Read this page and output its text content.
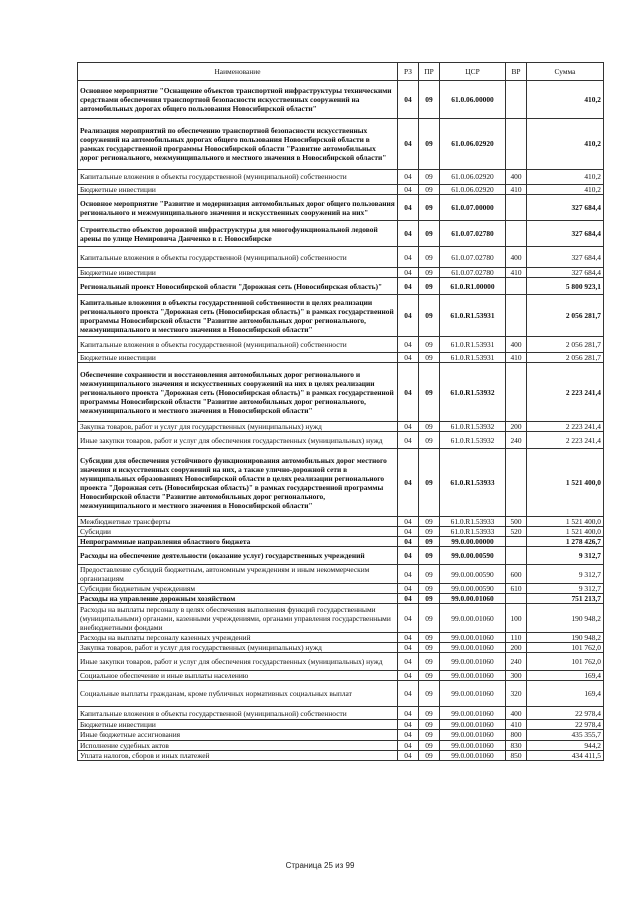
Наименование	РЗ	ПР	ЦСР	ВР	Сумма
Основное мероприятие "Оснащение объектов транспортной инфраструктуры техническими средствами обеспечения транспортной безопасности искусственных сооружений на автомобильных дорогах общего пользования Новосибирской области"	04	09	61.0.06.00000		410,2
Реализация мероприятий по обеспечению транспортной безопасности искусственных сооружений на автомобильных дорогах общего пользования Новосибирской области в рамках государственной программы Новосибирской области "Развитие автомобильных дорог регионального, межмуниципального и местного значения в Новосибирской области"	04	09	61.0.06.02920		410,2
Капитальные вложения в объекты государственной (муниципальной) собственности	04	09	61.0.06.02920	400	410,2
Бюджетные инвестиции	04	09	61.0.06.02920	410	410,2
Основное мероприятие "Развитие и модернизация автомобильных дорог общего пользования регионального и межмуниципального значения и искусственных сооружений на них"	04	09	61.0.07.00000		327 684,4
Строительство объектов дорожной инфраструктуры для многофункциональной ледовой арены по улице Немировича Данченко в г. Новосибирске	04	09	61.0.07.02780		327 684,4
Капитальные вложения в объекты государственной (муниципальной) собственности	04	09	61.0.07.02780	400	327 684,4
Бюджетные инвестиции	04	09	61.0.07.02780	410	327 684,4
Региональный проект Новосибирской области "Дорожная сеть (Новосибирская область)"	04	09	61.0.R1.00000		5 800 923,1
Капитальные вложения в объекты государственной собственности в целях реализации регионального проекта "Дорожная сеть (Новосибирская область)" в рамках государственной программы Новосибирской области "Развитие автомобильных дорог регионального, межмуниципального и местного значения в Новосибирской области"	04	09	61.0.R1.53931		2 056 281,7
Капитальные вложения в объекты государственной (муниципальной) собственности	04	09	61.0.R1.53931	400	2 056 281,7
Бюджетные инвестиции	04	09	61.0.R1.53931	410	2 056 281,7
Обеспечение сохранности и восстановления автомобильных дорог регионального и межмуниципального значения и искусственных сооружений на них в целях реализации регионального проекта "Дорожная сеть (Новосибирская область)" в рамках государственной программы Новосибирской области "Развитие автомобильных дорог регионального, межмуниципального и местного значения в Новосибирской области"	04	09	61.0.R1.53932		2 223 241,4
Закупка товаров, работ и услуг для государственных (муниципальных) нужд	04	09	61.0.R1.53932	200	2 223 241,4
Иные закупки товаров, работ и услуг для обеспечения государственных (муниципальных) нужд	04	09	61.0.R1.53932	240	2 223 241,4
Субсидии для обеспечения устойчивого функционирования автомобильных дорог местного значения и искусственных сооружений на них, а также улично-дорожной сети в муниципальных образованиях Новосибирской области в целях реализации регионального проекта "Дорожная сеть (Новосибирская область)" в рамках государственной программы Новосибирской области "Развитие автомобильных дорог регионального, межмуниципального и местного значения в Новосибирской области"	04	09	61.0.R1.53933		1 521 400,0
Межбюджетные трансферты	04	09	61.0.R1.53933	500	1 521 400,0
Субсидии	04	09	61.0.R1.53933	520	1 521 400,0
Непрограммные направления областного бюджета	04	09	99.0.00.00000		1 278 426,7
Расходы на обеспечение деятельности (оказание услуг) государственных учреждений	04	09	99.0.00.00590		9 312,7
Предоставление субсидий бюджетным, автономным учреждениям и иным некоммерческим организациям	04	09	99.0.00.00590	600	9 312,7
Субсидии бюджетным учреждениям	04	09	99.0.00.00590	610	9 312,7
Расходы на управление дорожным хозяйством	04	09	99.0.00.01060		751 213,7
Расходы на выплаты персоналу в целях обеспечения выполнения функций государственными (муниципальными) органами, казенными учреждениями, органами управления государственными внебюджетными фондами	04	09	99.0.00.01060	100	190 948,2
Расходы на выплаты персоналу казенных учреждений	04	09	99.0.00.01060	110	190 948,2
Закупка товаров, работ и услуг для государственных (муниципальных) нужд	04	09	99.0.00.01060	200	101 762,0
Иные закупки товаров, работ и услуг для обеспечения государственных (муниципальных) нужд	04	09	99.0.00.01060	240	101 762,0
Социальное обеспечение и иные выплаты населению	04	09	99.0.00.01060	300	169,4
Социальные выплаты гражданам, кроме публичных нормативных социальных выплат	04	09	99.0.00.01060	320	169,4
Капитальные вложения в объекты государственной (муниципальной) собственности	04	09	99.0.00.01060	400	22 978,4
Бюджетные инвестиции	04	09	99.0.00.01060	410	22 978,4
Иные бюджетные ассигнования	04	09	99.0.00.01060	800	435 355,7
Исполнение судебных актов	04	09	99.0.00.01060	830	944,2
Уплата налогов, сборов и иных платежей	04	09	99.0.00.01060	850	434 411,5
Страница 25 из 99
